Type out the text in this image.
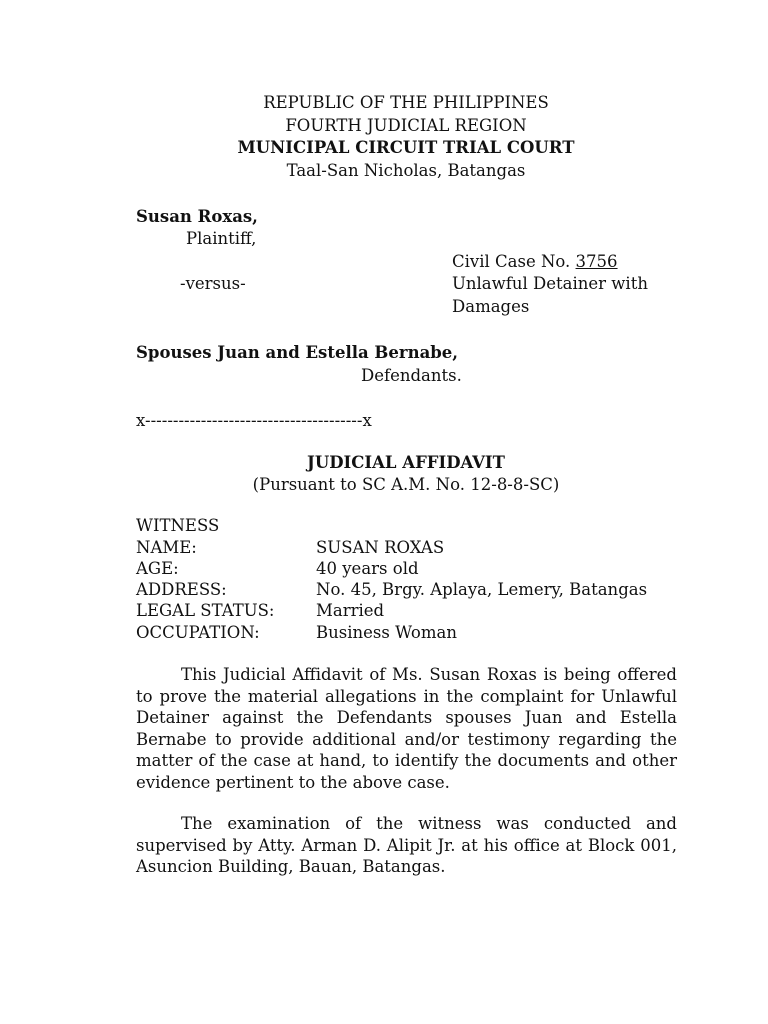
REPUBLIC OF THE PHILIPPINES
FOURTH JUDICIAL REGION
MUNICIPAL CIRCUIT TRIAL COURT
Taal-San Nicholas, Batangas
Susan Roxas,
Plaintiff,
Civil Case No. 3756
-versus-	Unlawful Detainer with
Damages
Spouses Juan and Estella Bernabe,
Defendants.
x---------------------------------------x
JUDICIAL AFFIDAVIT
(Pursuant to SC A.M. No. 12-8-8-SC)
WITNESS
NAME:	SUSAN ROXAS
AGE:	40 years old
ADDRESS:	No. 45, Brgy. Aplaya, Lemery, Batangas
LEGAL STATUS:	Married
OCCUPATION:	Business Woman
This Judicial Affidavit of Ms. Susan Roxas is being offered to prove the material allegations in the complaint for Unlawful Detainer against the Defendants spouses Juan and Estella Bernabe to provide additional and/or testimony regarding the matter of the case at hand, to identify the documents and other evidence pertinent to the above case.
The examination of the witness was conducted and supervised by Atty. Arman D. Alipit Jr. at his office at Block 001, Asuncion Building, Bauan, Batangas.
